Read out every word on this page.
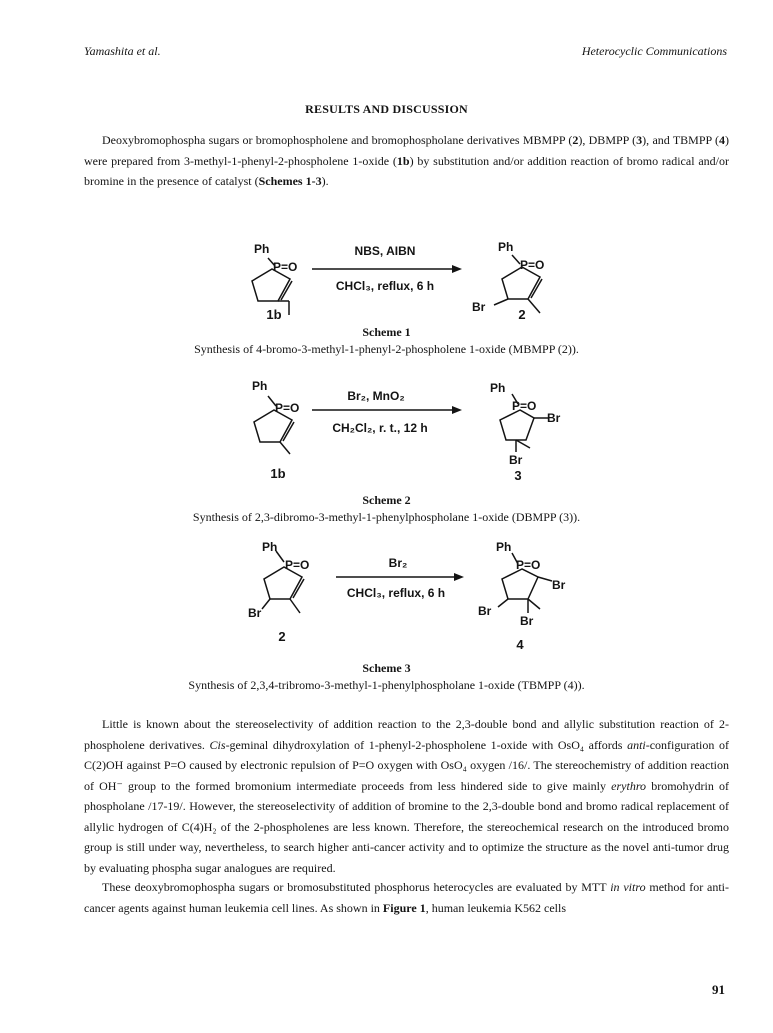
Yamashita et al.	Heterocyclic Communications
RESULTS AND DISCUSSION

Deoxybromophospha sugars or bromophospholene and bromophospholane derivatives MBMPP (2), DBMPP (3), and TBMPP (4) were prepared from 3-methyl-1-phenyl-2-phospholene 1-oxide (1b) by substitution and/or addition reaction of bromo radical and/or bromine in the presence of catalyst (Schemes 1-3).

Ph
P=O
Ph
P=O
Br
NBS, AIBN
CHCl₃, reflux, 6 h
1b	2
Scheme 1
Synthesis of 4-bromo-3-methyl-1-phenyl-2-phospholene 1-oxide (MBMPP (2)).
Ph
P=O
Ph
P=O
Br
Br
Br₂, MnO₂
CH₂Cl₂, r. t., 12 h
1b	3
Scheme 2
Synthesis of 2,3-dibromo-3-methyl-1-phenylphospholane 1-oxide (DBMPP (3)).
Ph
P=O
Br
Ph
P=O
Br
Br
Br
Br₂
CHCl₃, reflux, 6 h
2
4
Scheme 3
Synthesis of 2,3,4-tribromo-3-methyl-1-phenylphospholane 1-oxide (TBMPP (4)).

Little is known about the stereoselectivity of addition reaction to the 2,3-double bond and allylic substitution reaction of 2-phospholene derivatives. Cis-geminal dihydroxylation of 1-phenyl-2-phospholene 1-oxide with OsO₄ affords anti-configuration of C(2)OH against P=O caused by electronic repulsion of P=O oxygen with OsO₄ oxygen /16/. The stereochemistry of addition reaction of OH⁻ group to the formed bromonium intermediate proceeds from less hindered side to give mainly erythro bromohydrin of phospholane /17-19/. However, the stereoselectivity of addition of bromine to the 2,3-double bond and bromo radical replacement of allylic hydrogen of C(4)H₂ of the 2-phospholenes are less known. Therefore, the stereochemical research on the introduced bromo group is still under way, nevertheless, to search higher anti-cancer activity and to optimize the structure as the novel anti-tumor drug by evaluating phospha sugar analogues are required.

These deoxybromophospha sugars or bromosubstituted phosphorus heterocycles are evaluated by MTT in vitro method for anti-cancer agents against human leukemia cell lines. As shown in Figure 1, human leukemia K562 cells

91
